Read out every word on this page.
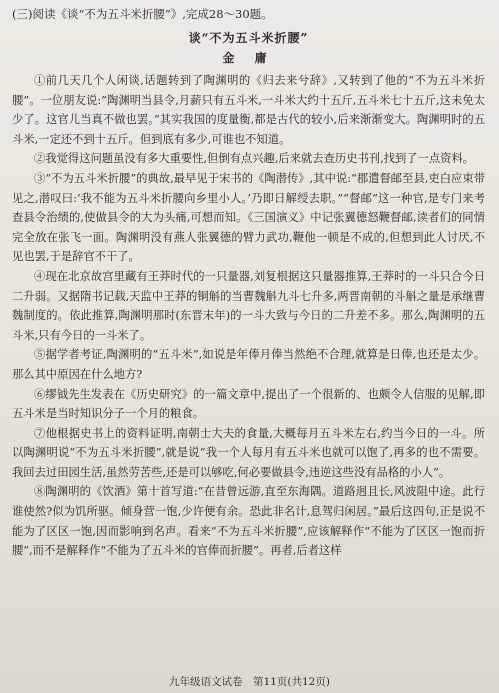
(三)阅读《谈“不为五斗米折腰”》,完成28～30题。
谈“不为五斗米折腰”
金 庸

①前几天几个人闲谈,话题转到了陶渊明的《归去来兮辞》,又转到了他的“不为五斗米折腰”。一位朋友说:“陶渊明当县令,月薪只有五斗米,一斗米大约十五斤,五斗米七十五斤,这未免太少了。这官儿当真不做也罢。”其实我国的度量衡,都是古代的较小,后来渐渐变大。陶渊明时的五斗米,一定还不到十五斤。但到底有多少,可谁也不知道。

②我觉得这问题虽没有多大重要性,但倒有点兴趣,后来就去查历史书刊,找到了一点资料。

③“不为五斗米折腰”的典故,最早见于宋书的《陶潜传》,其中说:“郡遣督邮至县,吏白应束带见之,潜叹曰:‘我不能为五斗米折腰向乡里小人。’乃即日解绶去职。”“督邮”这一种官,是专门来考查县令治绩的,使做县令的大为头痛,可想而知。《三国演义》中记张翼德怒鞭督邮,读者们的同情完全放在张飞一面。陶渊明没有燕人张翼德的臂力武功,鞭他一顿是不成的,但想到此人讨厌,不见也罢,于是辞官不干了。

④现在北京故宫里藏有王莽时代的一只量器,刘复根据这只量器推算,王莽时的一斗只合今日二升弱。又据隋书记载,天监中王莽的铜斛的当曹魏斛九斗七升多,两晋南朝的斗斛之量是承继曹魏制度的。依此推算,陶渊明那时(东晋末年)的一斗大致与今日的二升差不多。那么,陶渊明的五斗米,只有今日的一斗米了。

⑤据学者考证,陶渊明的“五斗米”,如说是年俸月俸当然绝不合理,就算是日俸,也还是太少。那么其中原因在什么地方?

⑥缪钺先生发表在《历史研究》的一篇文章中,提出了一个很新的、也颇令人信服的见解,即五斗米是当时知识分子一个月的粮食。

⑦他根据史书上的资料证明,南朝士大夫的食量,大概每月五斗米左右,约当今日的一斗。所以陶渊明说“不为五斗米折腰”,就是说“我一个人每月有五斗米也就可以饱了,再多的也不需要。我回去过田园生活,虽然劳苦些,还是可以够吃,何必要做县令,违逆这些没有品格的小人”。

⑧陶渊明的《饮酒》第十首写道:“在昔曾远游,直至东海隅。道路迥且长,风波阻中途。此行谁使然?似为饥所驱。倾身营一饱,少许便有余。恐此非名计,息驾归闲居。”最后这四句,正是说不能为了区区一饱,因而影响到名声。看来“不为五斗米折腰”,应该解释作“不能为了区区一饱而折腰”,而不是解释作“不能为了五斗米的官俸而折腰”。再者,后者这样

九年级语文试卷　第11页(共12页)
